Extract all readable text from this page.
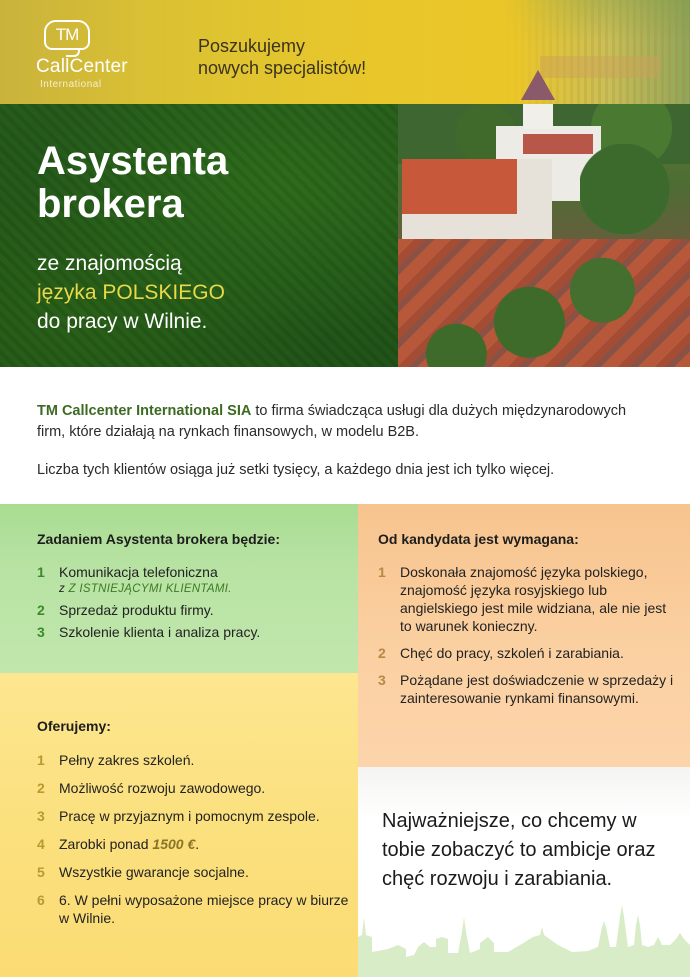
TM
CallCenter
International
Poszukujemy
nowych specjalistów!
Asystenta
brokera
ze znajomością
języka POLSKIEGO
do pracy w Wilnie.

TM Callcenter International SIA to firma świadcząca usługi dla dużych międzynarodowych firm, które działają na rynkach finansowych, w modelu B2B.

Liczba tych klientów osiąga już setki tysięcy, a każdego dnia jest ich tylko więcej.

Zadaniem Asystenta brokera będzie:
1 Komunikacja telefoniczna
z Z ISTNIEJĄCYMI KLIENTAMI.
2 Sprzedaż produktu firmy.
3 Szkolenie klienta i analiza pracy.
Od kandydata jest wymagana:
1 Doskonała znajomość języka polskiego, znajomość języka rosyjskiego lub angielskiego jest mile widziana, ale nie jest to warunek konieczny.
2 Chęć do pracy, szkoleń i zarabiania.
3 Pożądane jest doświadczenie w sprzedaży i zainteresowanie rynkami finansowymi.
Oferujemy:
1 Pełny zakres szkoleń.
2 Możliwość rozwoju zawodowego.
3 Pracę w przyjaznym i pomocnym zespole.
4 Zarobki ponad 1500 €.
5 Wszystkie gwarancje socjalne.
6 6. W pełni wyposażone miejsce pracy w biurze w Wilnie.
Najważniejsze, co chcemy w tobie zobaczyć to ambicje oraz chęć rozwoju i zarabiania.
